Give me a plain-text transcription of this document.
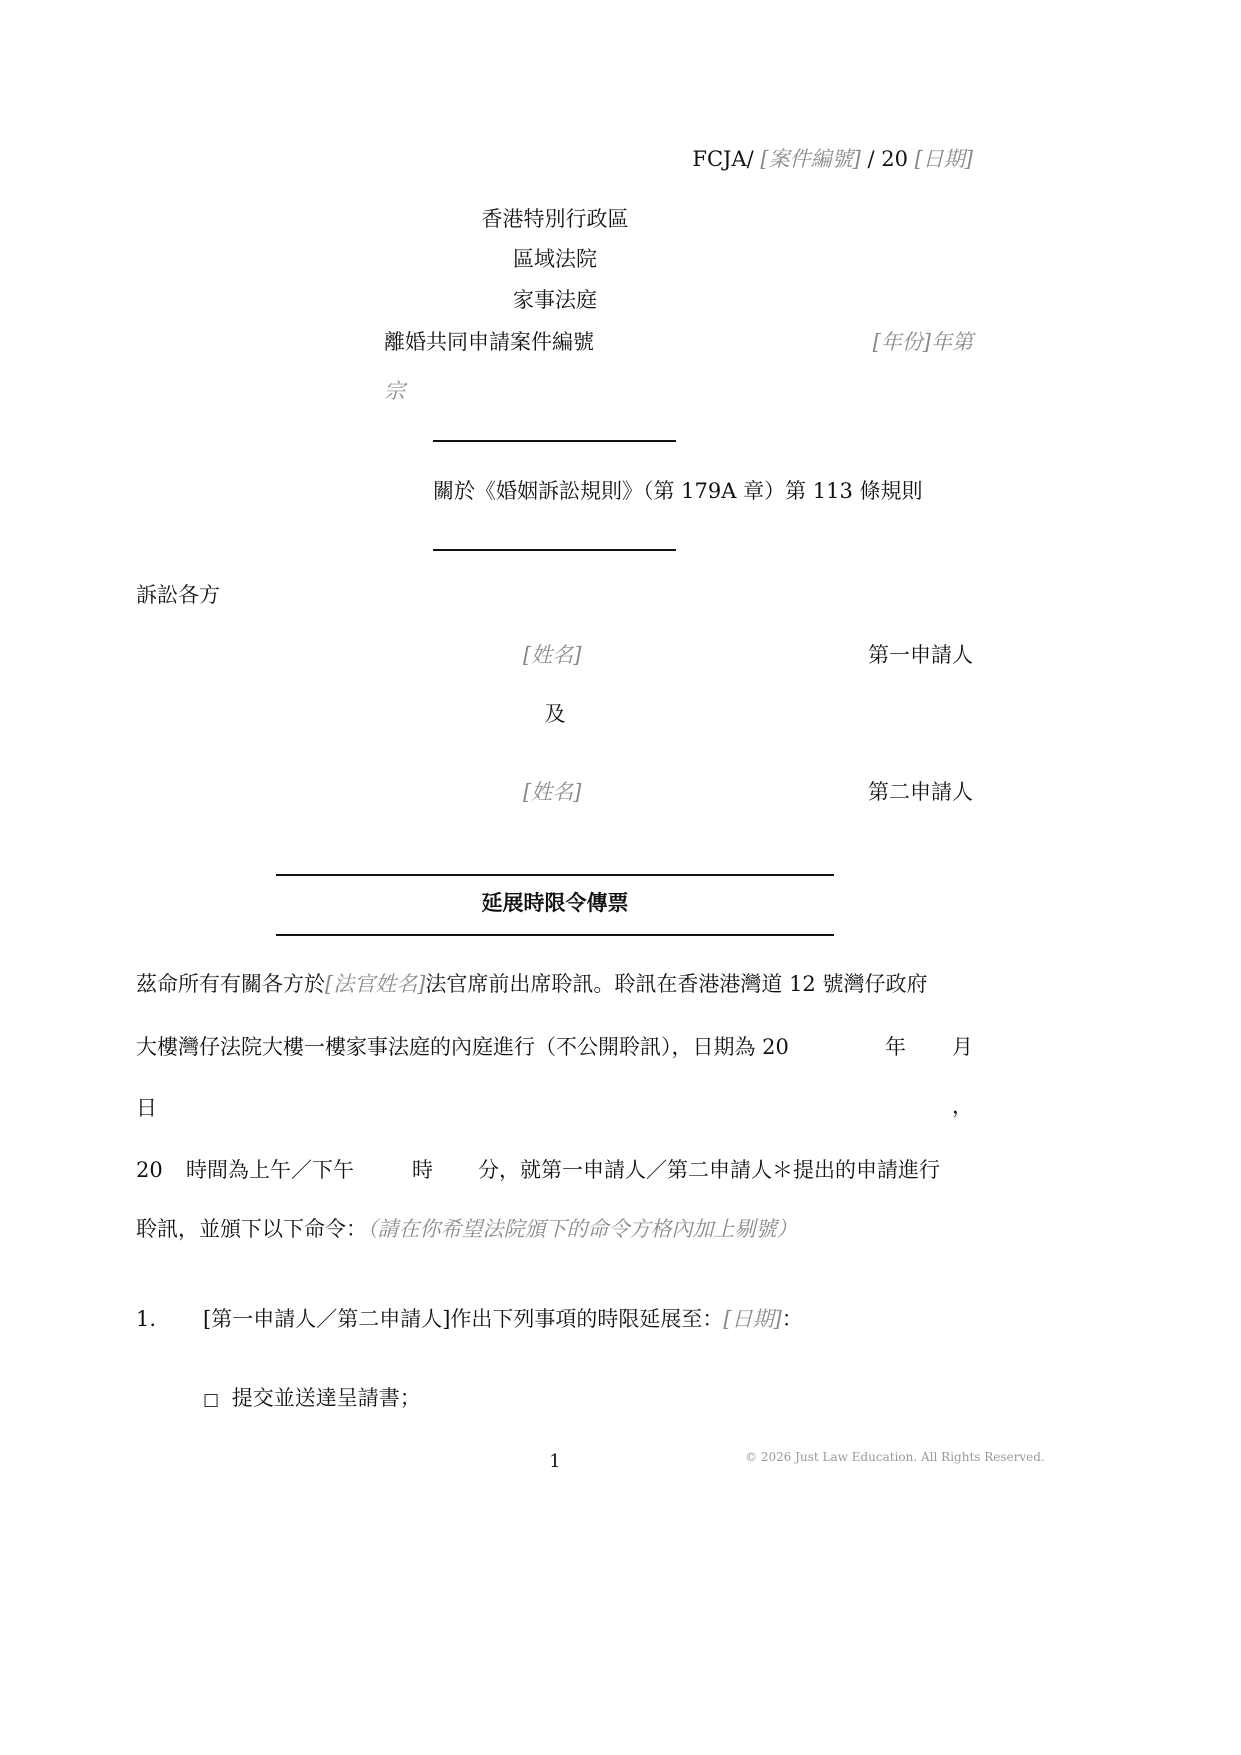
FCJA/ [案件編號] / 20 [日期]
香港特別行政區
區域法院
家事法庭
離婚共同申請案件編號	[年份]年第
宗
關於《婚姻訴訟規則》（第 179A 章）第 113 條規則
訴訟各方
[姓名]	第一申請人
及
[姓名]	第二申請人
延展時限令傳票
茲命所有有關各方於[法官姓名]法官席前出席聆訊。聆訊在香港港灣道 12 號灣仔政府
大樓灣仔法院大樓一樓家事法庭的內庭進行（不公開聆訊），日期為 20	年 月
日	，
20 時間為上午／下午	時 分，就第一申請人／第二申請人＊提出的申請進行
聆訊，並頒下以下命令：（請在你希望法院頒下的命令方格內加上剔號）
1. [第一申請人／第二申請人]作出下列事項的時限延展至：[日期]：
□ 提交並送達呈請書；
1	© 2026 Just Law Education. All Rights Reserved.
